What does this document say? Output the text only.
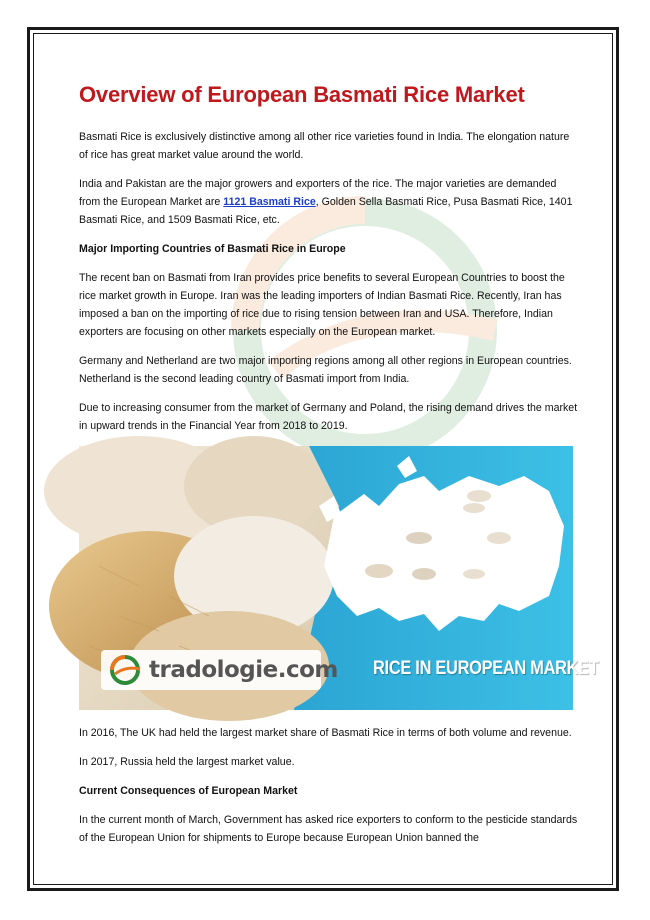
Overview of European Basmati Rice Market

Basmati Rice is exclusively distinctive among all other rice varieties found in India. The elongation nature of rice has great market value around the world.

India and Pakistan are the major growers and exporters of the rice. The major varieties are demanded from the European Market are 1121 Basmati Rice, Golden Sella Basmati Rice, Pusa Basmati Rice, 1401 Basmati Rice, and 1509 Basmati Rice, etc.

Major Importing Countries of Basmati Rice in Europe

The recent ban on Basmati from Iran provides price benefits to several European Countries to boost the rice market growth in Europe. Iran was the leading importers of Indian Basmati Rice. Recently, Iran has imposed a ban on the importing of rice due to rising tension between Iran and USA. Therefore, Indian exporters are focusing on other markets especially on the European market.

Germany and Netherland are two major importing regions among all other regions in European countries. Netherland is the second leading country of Basmati import from India.

Due to increasing consumer from the market of Germany and Poland, the rising demand drives the market in upward trends in the Financial Year from 2018 to 2019.

tradologie.com RICE IN EUROPEAN MARKET

In 2016, The UK had held the largest market share of Basmati Rice in terms of both volume and revenue.

In 2017, Russia held the largest market value.

Current Consequences of European Market

In the current month of March, Government has asked rice exporters to conform to the pesticide standards of the European Union for shipments to Europe because European Union banned the
